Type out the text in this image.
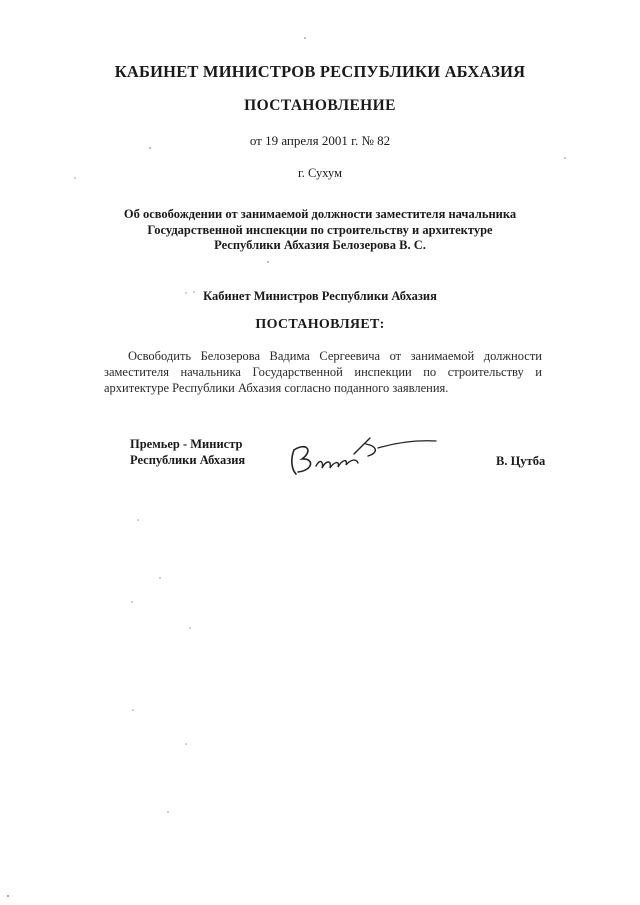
КАБИНЕТ МИНИСТРОВ РЕСПУБЛИКИ АБХАЗИЯ
ПОСТАНОВЛЕНИЕ
от 19 апреля 2001 г. № 82
г. Сухум
Об освобождении от занимаемой должности заместителя начальника
Государственной инспекции по строительству и архитектуре
Республики Абхазия Белозерова В. С.
Кабинет Министров Республики Абхазия
ПОСТАНОВЛЯЕТ:
Освободить Белозерова Вадима Сергеевича от занимаемой должности заместителя начальника Государственной инспекции по строительству и архитектуре Республики Абхазия согласно поданного заявления.
Премьер - Министр
Республики Абхазия	В. Цутба
